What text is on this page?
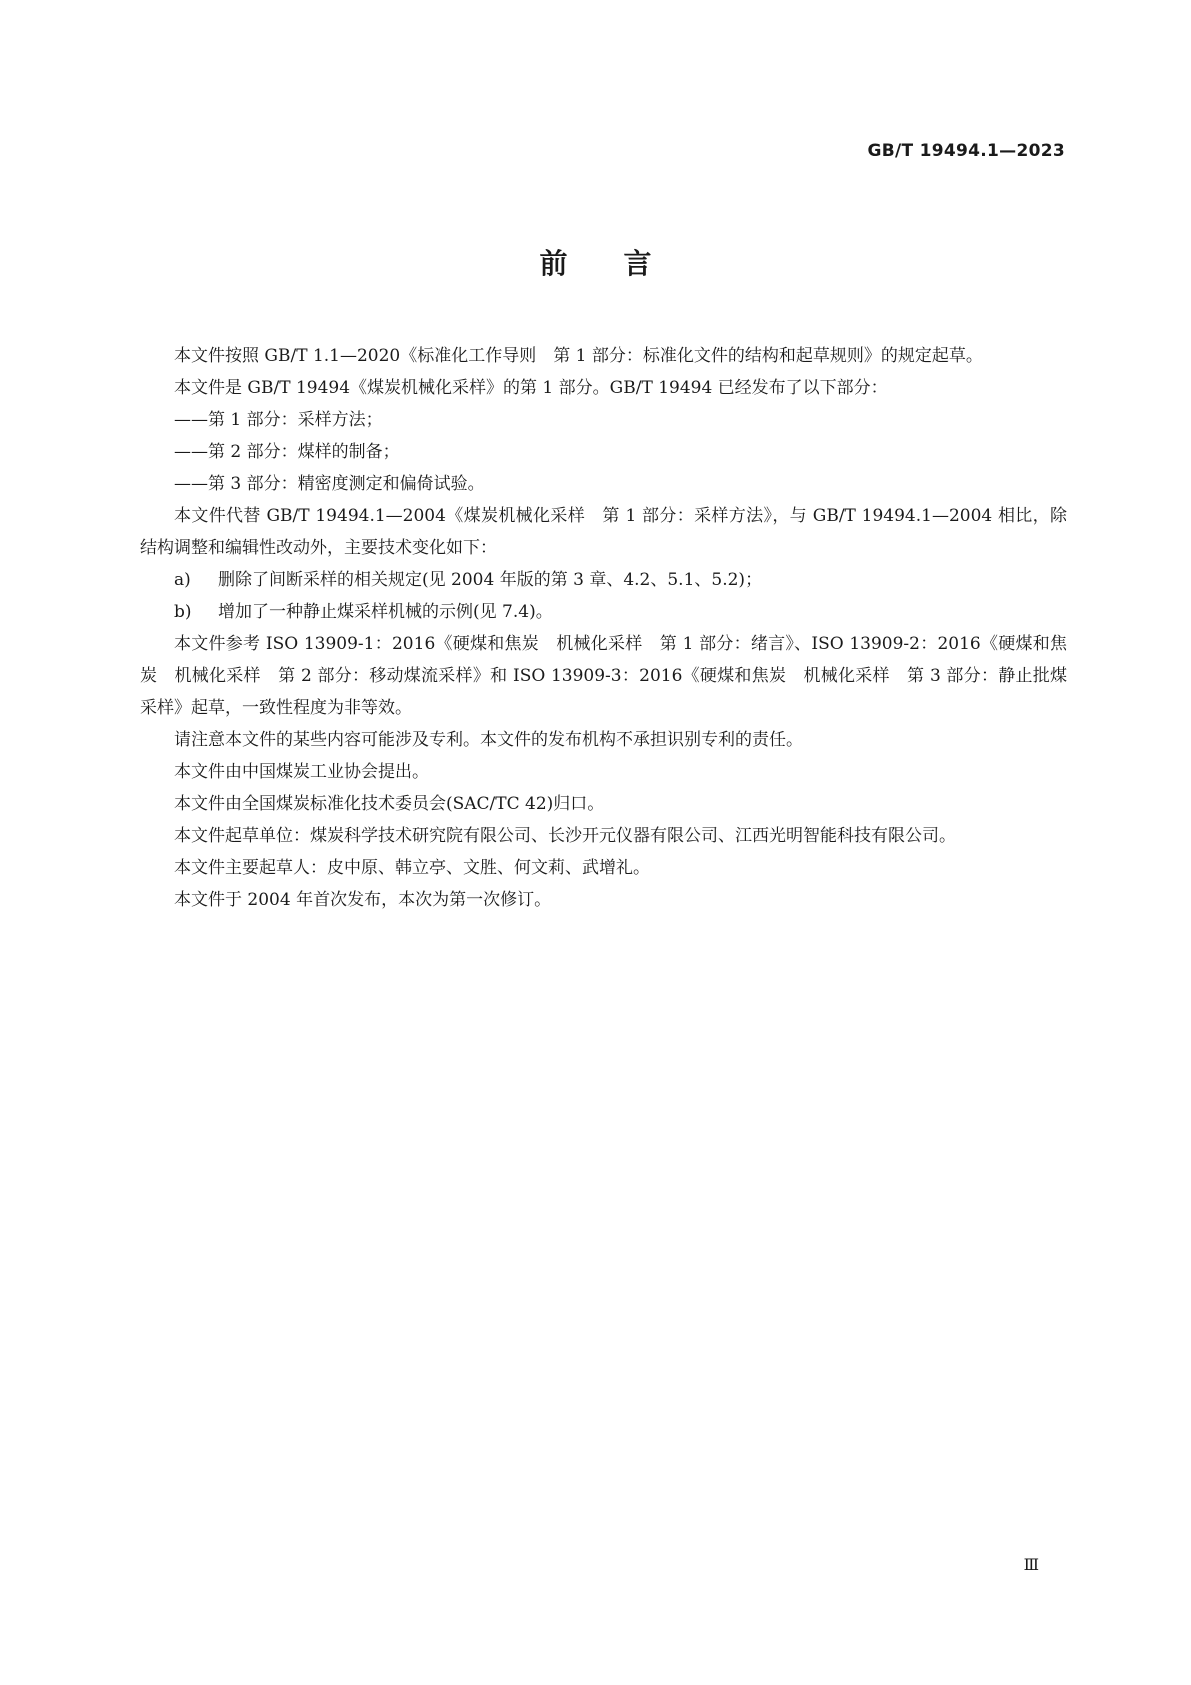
GB/T 19494.1—2023
前　　言

本文件按照 GB/T 1.1—2020《标准化工作导则　第 1 部分：标准化文件的结构和起草规则》的规定起草。

本文件是 GB/T 19494《煤炭机械化采样》的第 1 部分。GB/T 19494 已经发布了以下部分：

——第 1 部分：采样方法；

——第 2 部分：煤样的制备；

——第 3 部分：精密度测定和偏倚试验。

本文件代替 GB/T 19494.1—2004《煤炭机械化采样　第 1 部分：采样方法》，与 GB/T 19494.1—2004 相比，除结构调整和编辑性改动外，主要技术变化如下：

a)	删除了间断采样的相关规定(见 2004 年版的第 3 章、4.2、5.1、5.2)；
b)	增加了一种静止煤采样机械的示例(见 7.4)。

本文件参考 ISO 13909-1：2016《硬煤和焦炭　机械化采样　第 1 部分：绪言》、ISO 13909-2：2016《硬煤和焦炭　机械化采样　第 2 部分：移动煤流采样》和 ISO 13909-3：2016《硬煤和焦炭　机械化采样　第 3 部分：静止批煤采样》起草，一致性程度为非等效。

请注意本文件的某些内容可能涉及专利。本文件的发布机构不承担识别专利的责任。

本文件由中国煤炭工业协会提出。

本文件由全国煤炭标准化技术委员会(SAC/TC 42)归口。

本文件起草单位：煤炭科学技术研究院有限公司、长沙开元仪器有限公司、江西光明智能科技有限公司。

本文件主要起草人：皮中原、韩立亭、文胜、何文莉、武增礼。

本文件于 2004 年首次发布，本次为第一次修订。

Ⅲ
